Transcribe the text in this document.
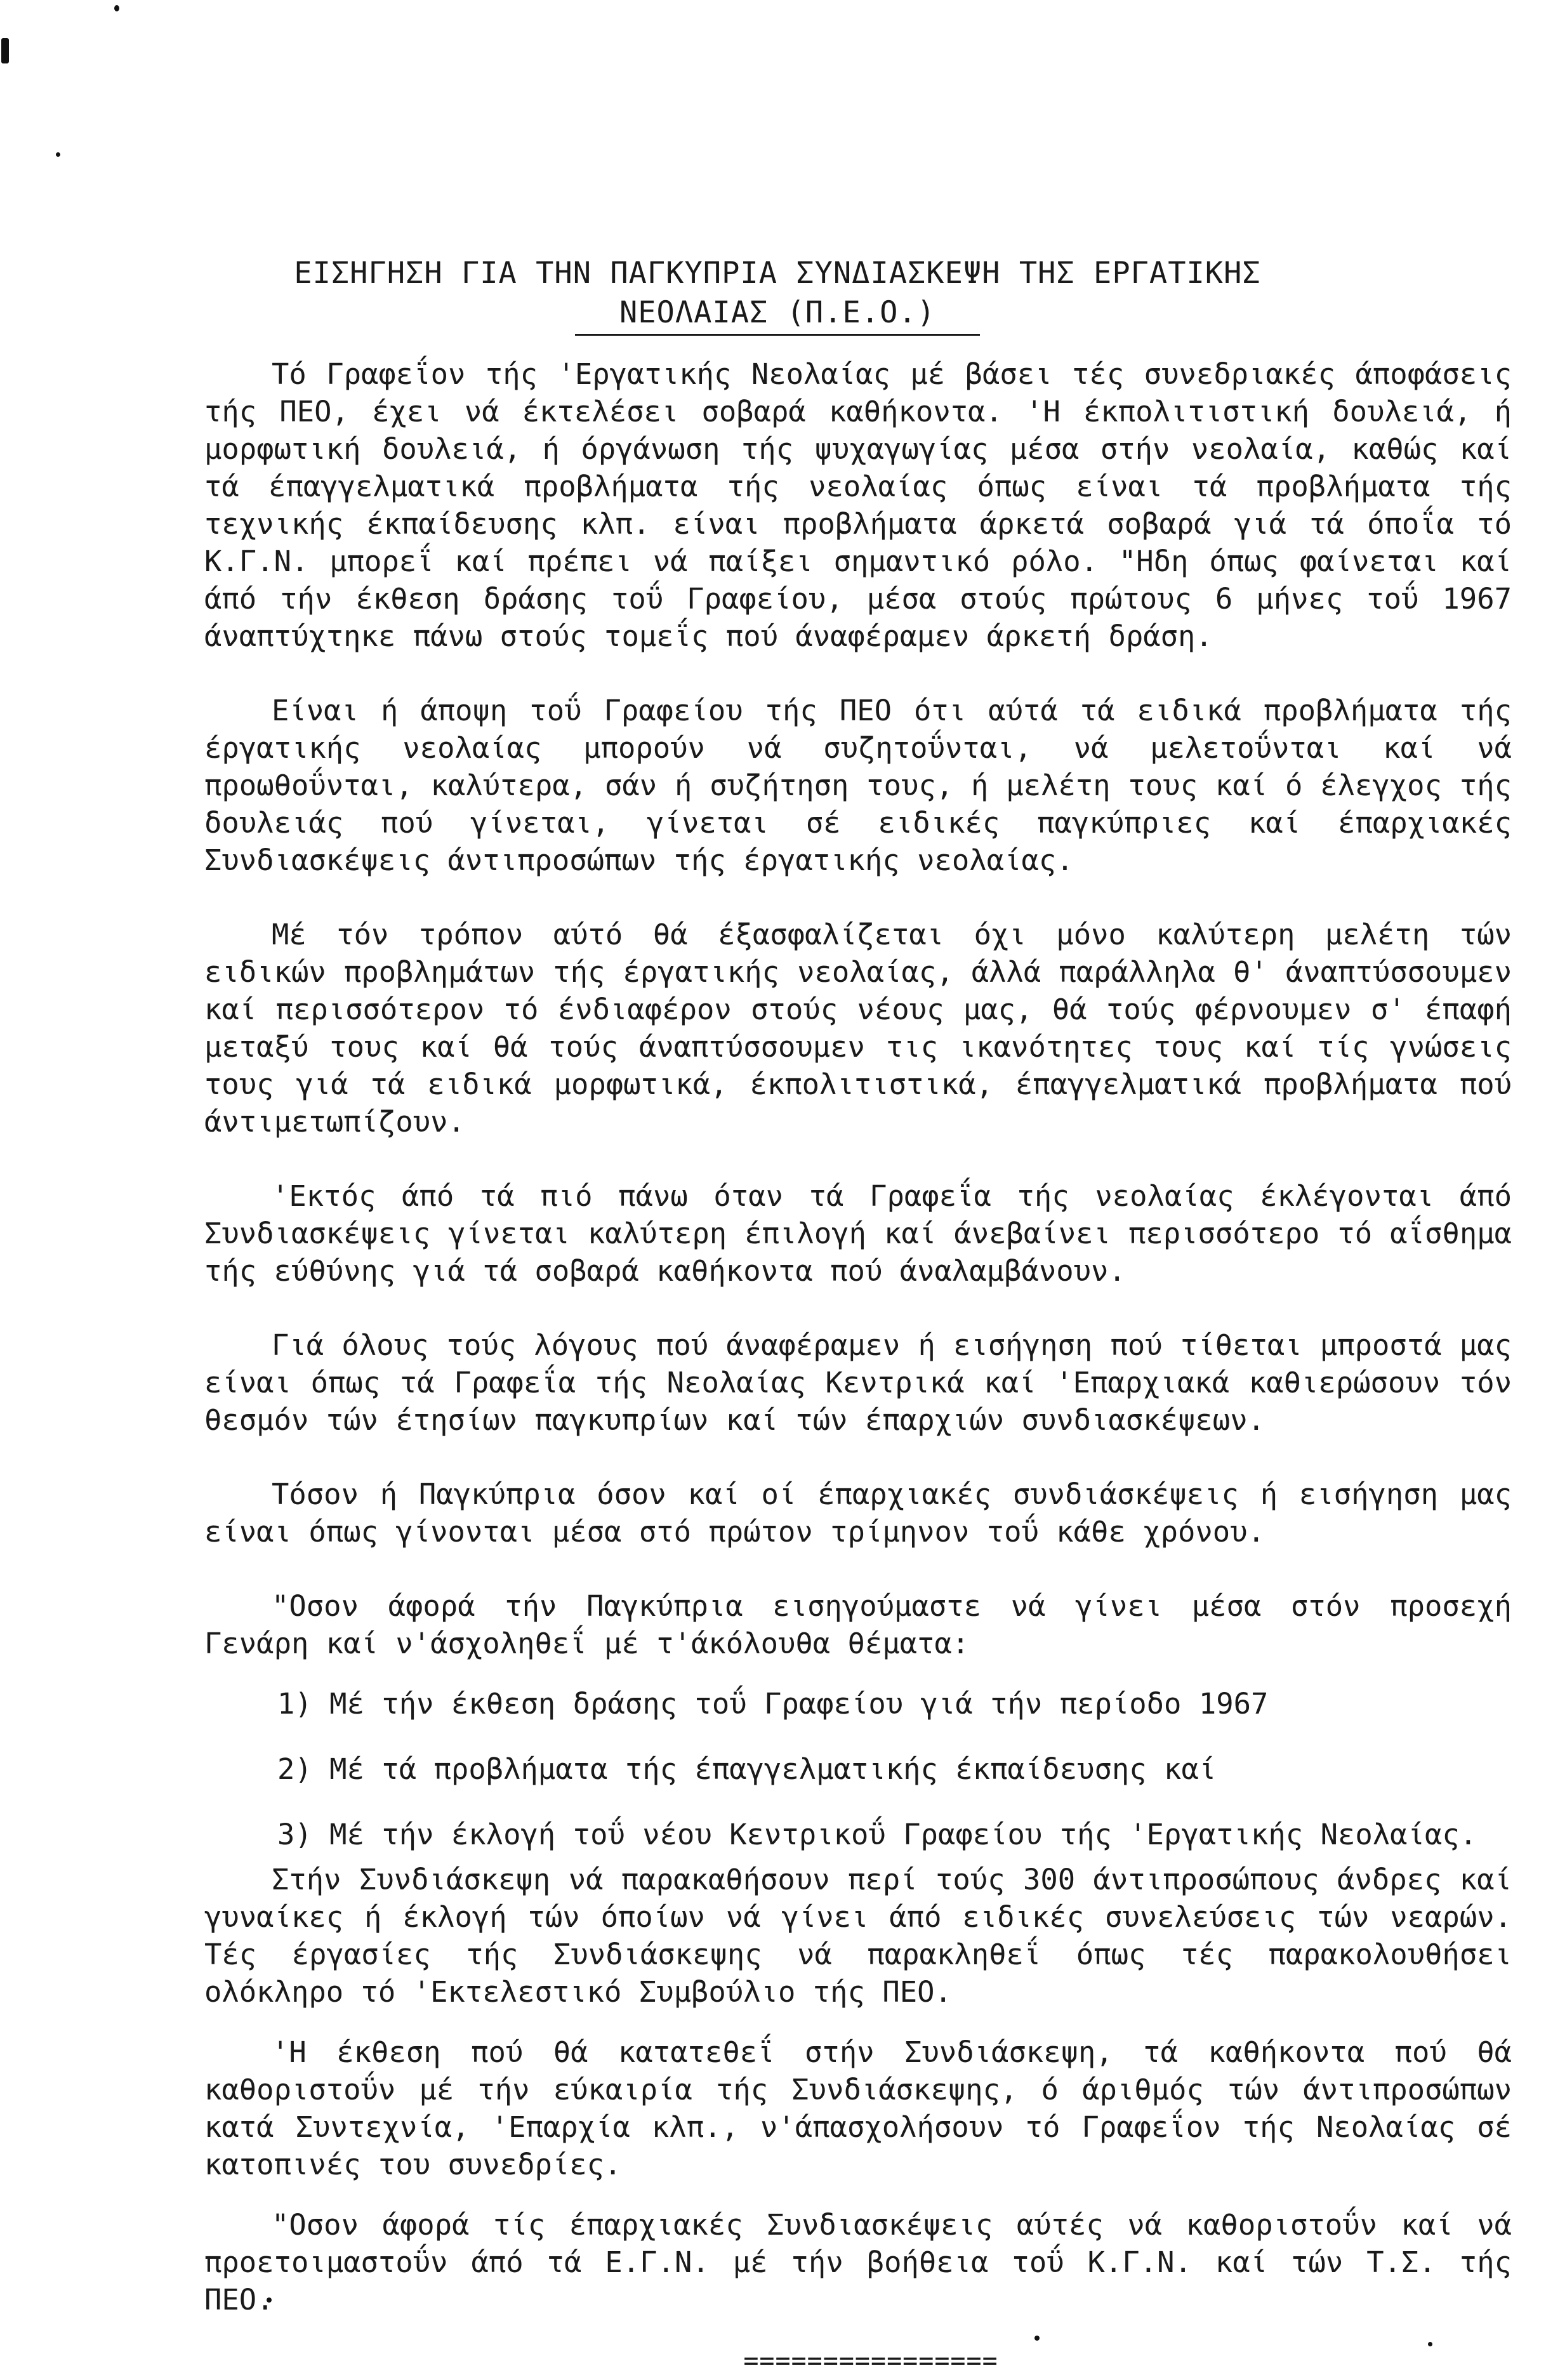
ΕΙΣΗΓΗΣΗ ΓΙΑ ΤΗΝ ΠΑΓΚΥΠΡΙΑ ΣΥΝΔΙΑΣΚΕΨΗ ΤΗΣ ΕΡΓΑΤΙΚΗΣ
ΝΕΟΛΑΙΑΣ (Π.Ε.Ο.)

Τό Γραφεΐον τής 'Εργατικής Νεολαίας μέ βάσει τές συνεδριακές άποφάσεις τής ΠΕΟ, έχει νά έκτελέσει σοβαρά καθήκοντα. 'Η έκπολιτιστική δουλειά, ή μορφωτική δουλειά, ή όργάνωση τής ψυχαγωγίας μέσα στήν νεολαία, καθώς καί τά έπαγγελματικά προβλήματα τής νεολαίας όπως είναι τά προβλήματα τής τεχνικής έκπαίδευσης κλπ. είναι προβλήματα άρκετά σοβαρά γιά τά όποΐα τό Κ.Γ.Ν. μπορεΐ καί πρέπει νά παίξει σημαντικό ρόλο. "Ηδη όπως φαίνεται καί άπό τήν έκθεση δράσης τοΰ Γραφείου, μέσα στούς πρώτους 6 μήνες τοΰ 1967 άναπτύχτηκε πάνω στούς τομεΐς πού άναφέραμεν άρκετή δράση.

Είναι ή άποψη τοΰ Γραφείου τής ΠΕΟ ότι αύτά τά ειδικά προβλήματα τής έργατικής νεολαίας μπορούν νά συζητοΰνται, νά μελετοΰνται καί νά προωθοΰνται, καλύτερα, σάν ή συζήτηση τους, ή μελέτη τους καί ό έλεγχος τής δουλειάς πού γίνεται, γίνεται σέ ειδικές παγκύπριες καί έπαρχιακές Συνδιασκέψεις άντιπροσώπων τής έργατικής νεολαίας.

Μέ τόν τρόπον αύτό θά έξασφαλίζεται όχι μόνο καλύτερη μελέτη τών ειδικών προβλημάτων τής έργατικής νεολαίας, άλλά παράλληλα θ' άναπτύσσουμεν καί περισσότερον τό ένδιαφέρον στούς νέους μας, θά τούς φέρνουμεν σ' έπαφή μεταξύ τους καί θά τούς άναπτύσσουμεν τις ικανότητες τους καί τίς γνώσεις τους γιά τά ειδικά μορφωτικά, έκπολιτιστικά, έπαγγελματικά προβλήματα πού άντιμετωπίζουν.

'Εκτός άπό τά πιό πάνω όταν τά Γραφεΐα τής νεολαίας έκλέγονται άπό Συνδιασκέψεις γίνεται καλύτερη έπιλογή καί άνεβαίνει περισσότερο τό αΐσθημα τής εύθύνης γιά τά σοβαρά καθήκοντα πού άναλαμβάνουν.

Γιά όλους τούς λόγους πού άναφέραμεν ή εισήγηση πού τίθεται μπροστά μας είναι όπως τά Γραφεΐα τής Νεολαίας Κεντρικά καί 'Επαρχιακά καθιερώσουν τόν θεσμόν τών έτησίων παγκυπρίων καί τών έπαρχιών συνδιασκέψεων.

Τόσον ή Παγκύπρια όσον καί οί έπαρχιακές συνδιάσκέψεις ή εισήγηση μας είναι όπως γίνονται μέσα στό πρώτον τρίμηνον τοΰ κάθε χρόνου.

"Οσον άφορά τήν Παγκύπρια εισηγούμαστε νά γίνει μέσα στόν προσεχή Γενάρη καί ν'άσχοληθεΐ μέ τ'άκόλουθα θέματα:

1) Μέ τήν έκθεση δράσης τοΰ Γραφείου γιά τήν περίοδο 1967
2) Μέ τά προβλήματα τής έπαγγελματικής έκπαίδευσης καί
3) Μέ τήν έκλογή τοΰ νέου Κεντρικοΰ Γραφείου τής 'Εργατικής Νεολαίας.

Στήν Συνδιάσκεψη νά παρακαθήσουν περί τούς 300 άντιπροσώπους άνδρες καί γυναίκες ή έκλογή τών όποίων νά γίνει άπό ειδικές συνελεύσεις τών νεαρών. Τές έργασίες τής Συνδιάσκεψης νά παρακληθεΐ όπως τές παρακολουθήσει ολόκληρο τό 'Εκτελεστικό Συμβούλιο τής ΠΕΟ.

'Η έκθεση πού θά κατατεθεΐ στήν Συνδιάσκεψη, τά καθήκοντα πού θά καθοριστοΰν μέ τήν εύκαιρία τής Συνδιάσκεψης, ό άριθμός τών άντιπροσώπων κατά Συντεχνία, 'Επαρχία κλπ., ν'άπασχολήσουν τό Γραφεΐον τής Νεολαίας σέ κατοπινές του συνεδρίες.

"Οσον άφορά τίς έπαρχιακές Συνδιασκέψεις αύτές νά καθοριστοΰν καί νά προετοιμαστοΰν άπό τά Ε.Γ.Ν. μέ τήν βοήθεια τοΰ Κ.Γ.Ν. καί τών Τ.Σ. τής ΠΕΟ.

================
